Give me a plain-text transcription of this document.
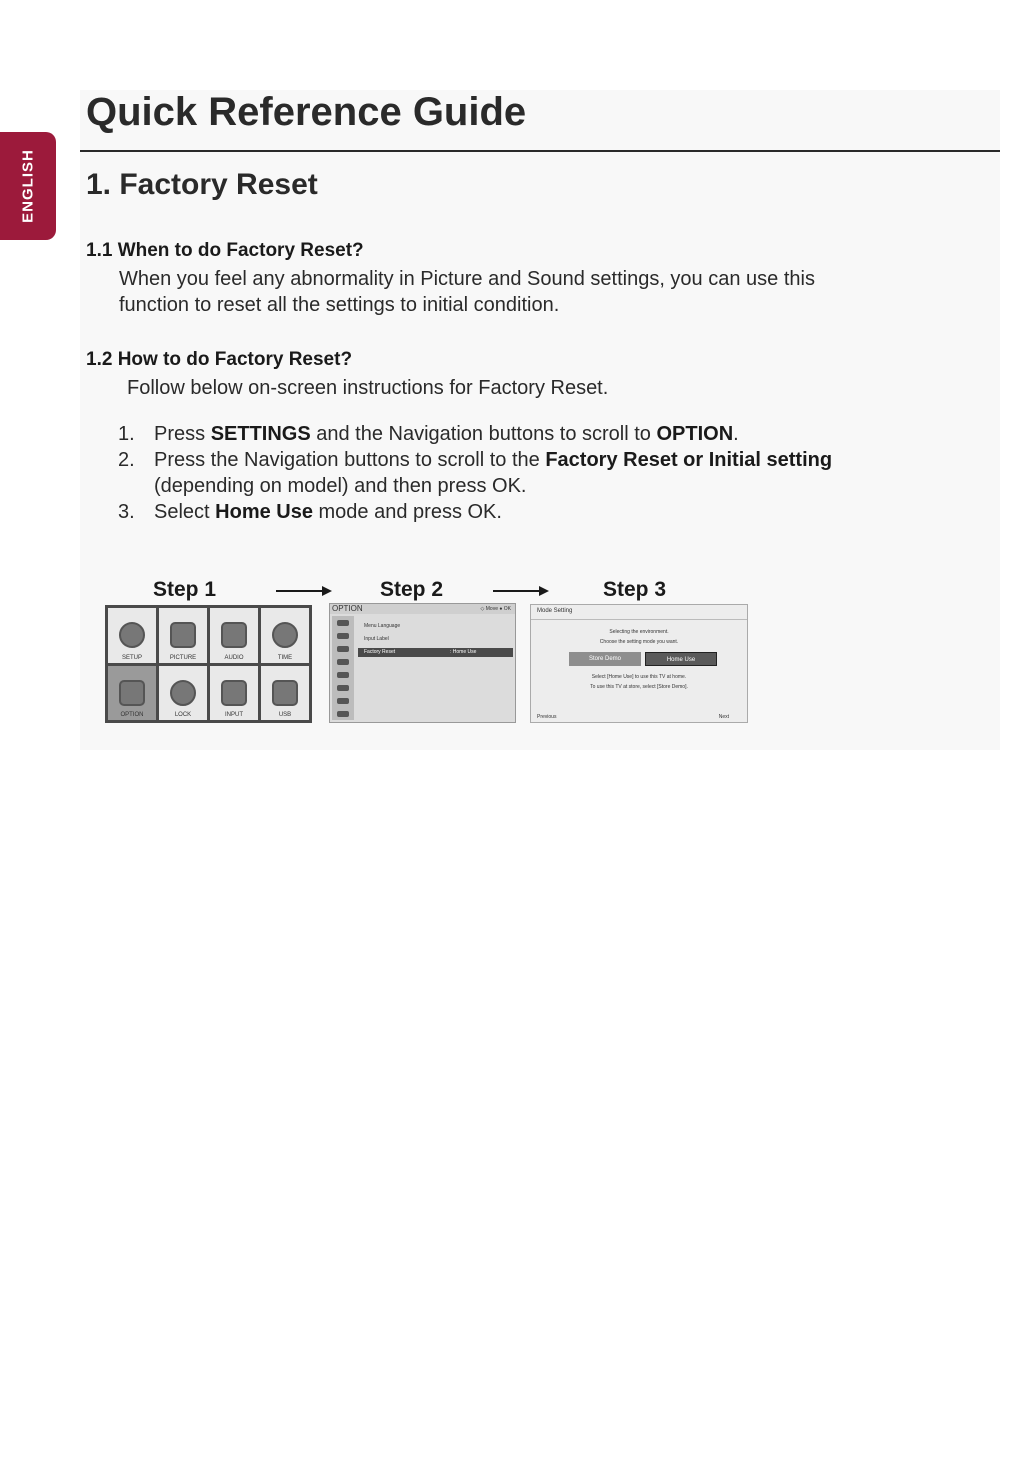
ENGLISH
Quick Reference Guide
1. Factory Reset
1.1 When to do Factory Reset?

When you feel any abnormality in Picture and Sound settings, you can use this

function to reset all the settings to initial condition.

1.2 How to do Factory Reset?

Follow below on-screen instructions for Factory Reset.

1. Press SETTINGS and the Navigation buttons to scroll to OPTION.
2. Press the Navigation buttons to scroll to the Factory Reset or Initial setting
(depending on model) and then press OK.
3. Select Home Use mode and press OK.
Step 1	Step 2	Step 3
SETUP	PICTURE	AUDIO	TIME
OPTION	LOCK	INPUT	USB
OPTION	◇ Move ● OK
Menu Language
Input Label
Factory Reset	: Home Use
Mode Setting
Selecting the environment.
Choose the setting mode you want.
Store Demo	Home Use
Select [Home Use] to use this TV at home.
To use this TV at store, select [Store Demo].
Previous	Next
